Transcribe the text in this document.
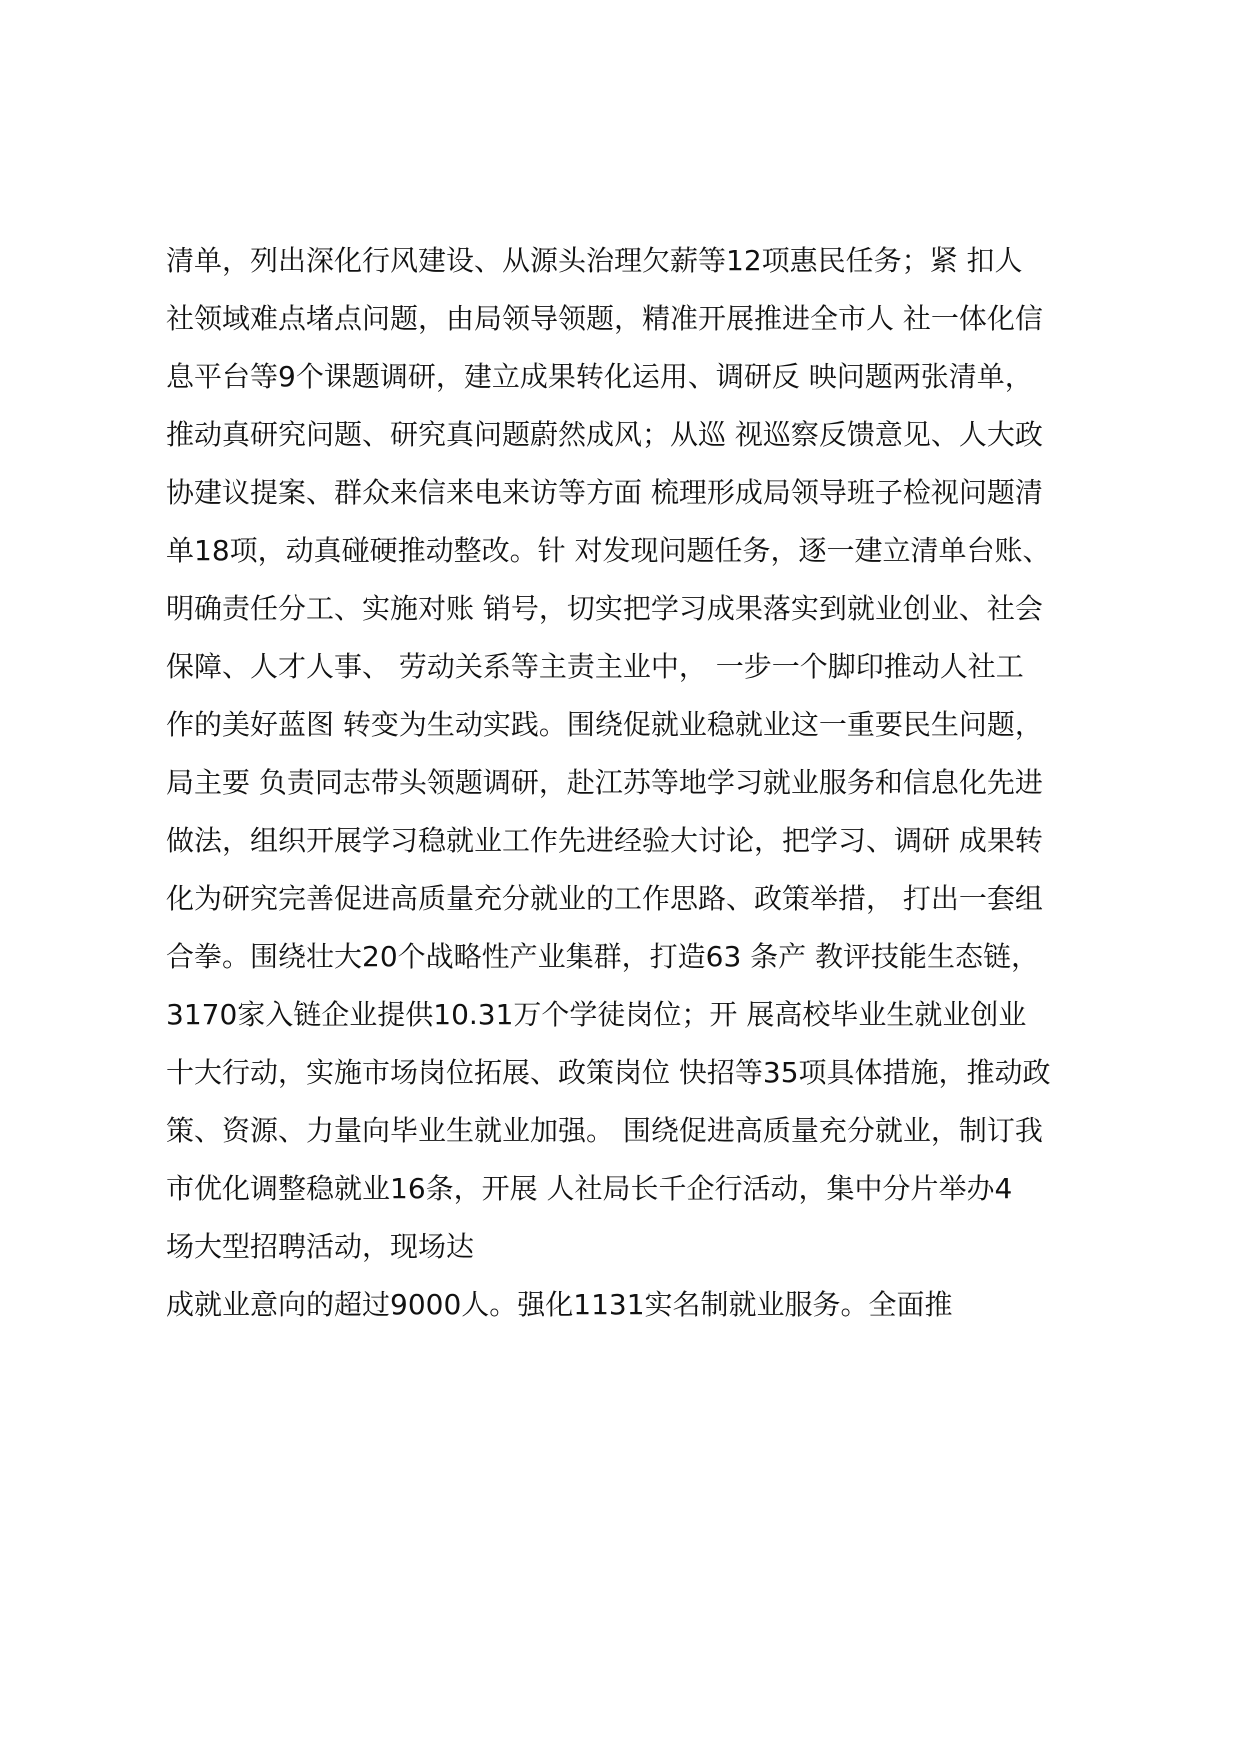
清单，列出深化行风建设、从源头治理欠薪等12项惠民任务；紧 扣人
社领域难点堵点问题，由局领导领题，精准开展推进全市人 社一体化信
息平台等9个课题调研，建立成果转化运用、调研反 映问题两张清单，
推动真研究问题、研究真问题蔚然成风；从巡 视巡察反馈意见、人大政
协建议提案、群众来信来电来访等方面 梳理形成局领导班子检视问题清
单18项，动真碰硬推动整改。针 对发现问题任务，逐一建立清单台账、
明确责任分工、实施对账 销号，切实把学习成果落实到就业创业、社会
保障、人才人事、 劳动关系等主责主业中， 一步一个脚印推动人社工
作的美好蓝图 转变为生动实践。围绕促就业稳就业这一重要民生问题，
局主要 负责同志带头领题调研，赴江苏等地学习就业服务和信息化先进
做法，组织开展学习稳就业工作先进经验大讨论，把学习、调研 成果转
化为研究完善促进高质量充分就业的工作思路、政策举措， 打出一套组
合拳。围绕壮大20个战略性产业集群，打造63 条产 教评技能生态链，
3170家入链企业提供10.31万个学徒岗位；开 展高校毕业生就业创业
十大行动，实施市场岗位拓展、政策岗位 快招等35项具体措施，推动政
策、资源、力量向毕业生就业加强。 围绕促进高质量充分就业，制订我
市优化调整稳就业16条，开展 人社局长千企行活动，集中分片举办4
场大型招聘活动，现场达
成就业意向的超过9000人。强化1131实名制就业服务。全面推
